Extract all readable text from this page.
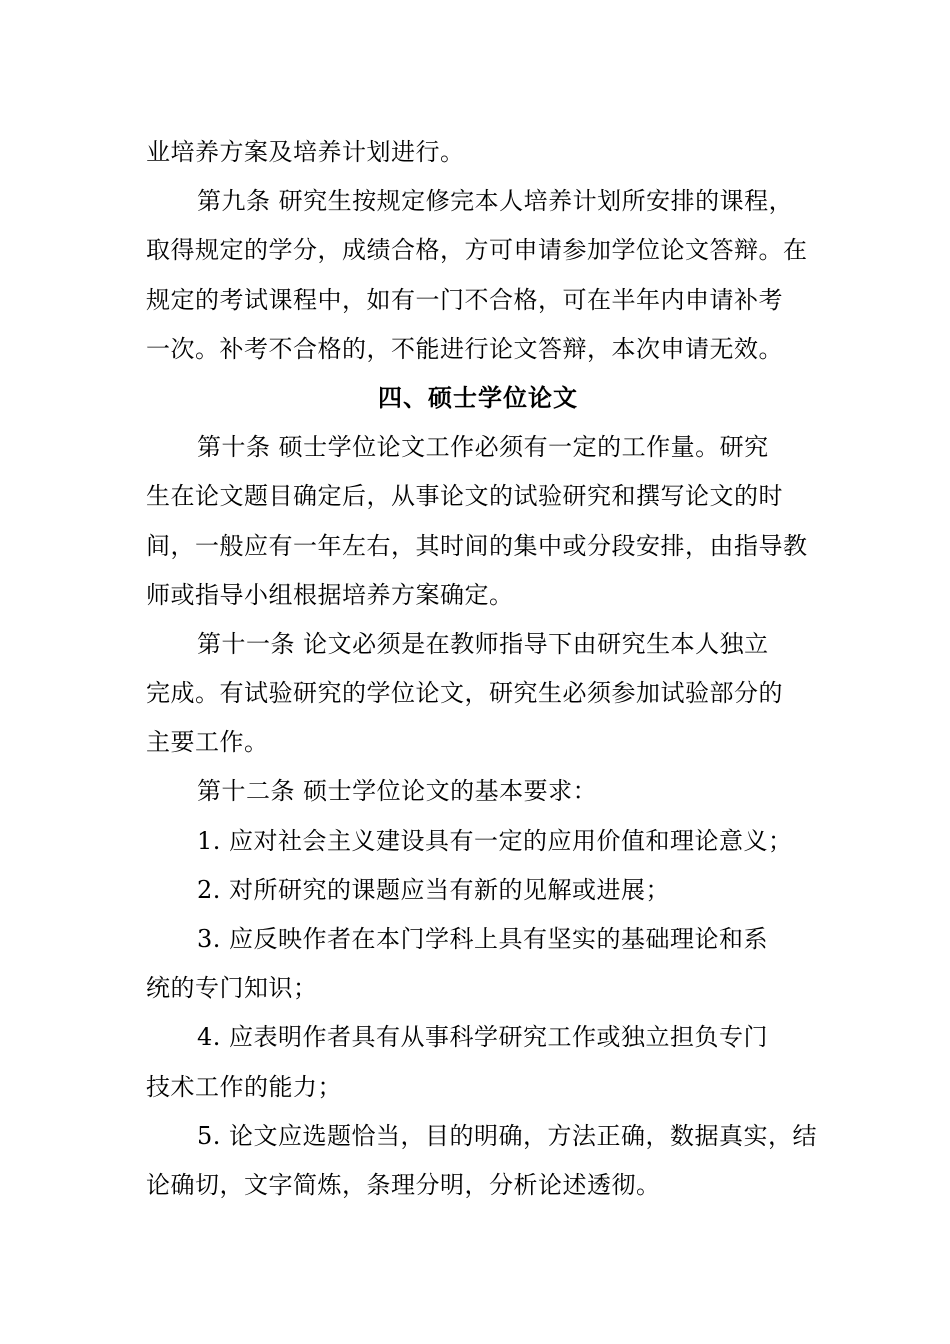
业培养方案及培养计划进行。
第九条 研究生按规定修完本人培养计划所安排的课程，
取得规定的学分，成绩合格，方可申请参加学位论文答辩。在
规定的考试课程中，如有一门不合格，可在半年内申请补考
一次。补考不合格的，不能进行论文答辩，本次申请无效。
四、硕士学位论文
第十条 硕士学位论文工作必须有一定的工作量。研究
生在论文题目确定后，从事论文的试验研究和撰写论文的时
间，一般应有一年左右，其时间的集中或分段安排，由指导教
师或指导小组根据培养方案确定。
第十一条 论文必须是在教师指导下由研究生本人独立
完成。有试验研究的学位论文，研究生必须参加试验部分的
主要工作。
第十二条 硕士学位论文的基本要求：
1. 应对社会主义建设具有一定的应用价值和理论意义；
2. 对所研究的课题应当有新的见解或进展；
3. 应反映作者在本门学科上具有坚实的基础理论和系
统的专门知识；
4. 应表明作者具有从事科学研究工作或独立担负专门
技术工作的能力；
5. 论文应选题恰当，目的明确，方法正确，数据真实，结
论确切，文字简炼，条理分明，分析论述透彻。
